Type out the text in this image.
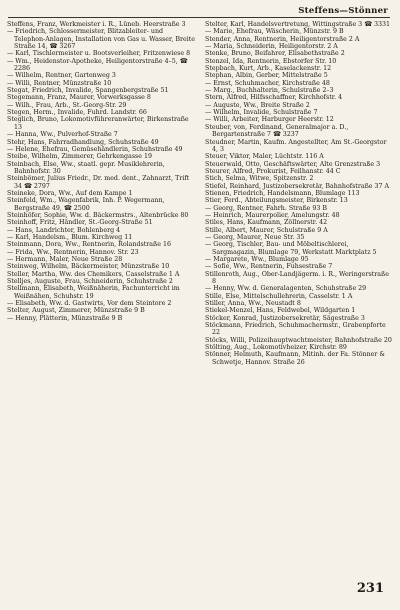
Steffens—Stönner

Steffens, Franz, Werkmeister i. R., Lüneb. Heerstraße 3

— Friedrich, Schlossermeister, Blitzableiter- und Telephon-Anlagen, Installation von Gas u. Wasser, Breite Straße 14, ☎ 3267

— Karl, Tischlermeister u. Bootsverleiher, Fritzenwiese 8

— Wm., Heidenstor-Apotheke, Heiligentorstraße 4–5, ☎ 2286

— Wilhelm, Rentner, Gartenweg 3

— Willi, Rentner, Münzstraße 10

Stegat, Friedrich, Invalide, Spangenbergstraße 51

Stegemann, Franz, Maurer, Vorwerksgasse 8

— Wilh., Frau, Arb., St.-Georg-Str. 29

Stegen, Herm., Invalide, Fuhrd. Landstr. 66

Steglich, Bruno, Lokomotivführeranwärter, Birkenstraße 13

— Hanna, Ww., Pulverhof-Straße 7

Stehr, Hans, Fahrradhandlung, Schuhstraße 49

— Helene, Ehefrau, Gemüsehändlerin, Schuhstraße 49

Steibe, Wilhelm, Zimmerer, Gehrkengasse 19

Steinbach, Else, Ww., staatl. gepr. Musiklehrerin, Bahnhofstr. 30

Steinbömer, Julius Friedr., Dr. med. dent., Zahnarzt, Trift 34 ☎ 2797

Steineke, Dora, Ww., Auf dem Kampe 1

Steinfeld, Wm., Wagenfabrik, Inh. P. Wegermann, Bergstraße 49, ☎ 2500

Steinhöfer, Sophie, Ww. d. Bäckermstrs., Altenbrücke 80

Steinhoff, Fritz, Händler, St.-Georg-Straße 51

— Hans, Landrichter, Bohlenberg 4

— Karl, Handelsm., Blum. Kirchweg 11

Steinmann, Dora, Ww., Rentnerin, Rolandstraße 16

— Frida, Ww., Rentnerin, Hannov. Str. 23

— Hermann, Maler, Neue Straße 28

Steinweg, Wilhelm, Bäckermeister, Münzstraße 10

Steller, Martha, Ww. des Chemikers, Casselstraße 1 A

Stelljes, Auguste, Frau, Schneiderin, Schuhstraße 2

Stellmann, Elisabeth, Weißnäherin, Fachunterricht im Weißnähen, Schuhstr. 19

— Elisabeth, Ww. d. Gastwirts, Vor dem Steintore 2

Stelter, August, Zimmerer, Münzstraße 9 B

— Henny, Plätterin, Münzstraße 9 B

Stelter, Karl, Handelsvertretung, Wittingstraße 3 ☎ 3331

— Marie, Ehefrau, Wäscherin, Münzstr. 9 B

Stender, Anna, Rentnerin, Heiligentorstraße 2 A

— Maria, Schneiderin, Heiligentorstr. 2 A

Stenke, Bruno, Beifahrer, Elisabethstraße 2

Stenzel, Ida, Rentnerin, Ebstorfer Str. 10

Stepbach, Kurt, Arb., Kaselackenstr. 12

Stephan, Albin, Gerber, Mittelstraße 5

— Ernst, Schuhmacher, Kirchstraße 48

— Marg., Buchhalterin, Schulstraße 2–3

Stern, Alfred, Hilfsschaffner, Kirchhofstr. 4

— Auguste, Ww., Breite Straße 2

— Wilhelm, Invalide, Schulstraße 7

— Willi, Arbeiter, Harburger Heerstr. 12

Steuber, von, Ferdinand, Generalmajor a. D., Bergartenstraße 7 ☎ 3237

Steudner, Martin, Kaufm. Angestellter, Am St.-Georgstor 4, 3

Steuer, Viktor, Maler, Lüchtstr. 116 A

Steuerwald, Otto, Geschäftswärter, Alte Grenzstraße 3

Steurer, Alfred, Prokurist, Feilhanstr. 44 C

Stich, Selma, Witwe, Spitzenstr. 2

Stiefel, Reinhard, Justizobersekretär, Bahnhofstraße 37 A

Stienen, Friedrich, Handelsmann, Blumlage 113

Stier, Ferd., Abteilungsmeister, Birkenstr. 13

— Georg, Rentner, Fahrh. Straße 93 B

— Heinrich, Maurerpolier, Amelungstr. 48

Stiles, Hans, Kaufmann, Zöllnerstr. 42

Stille, Albert, Maurer, Schulstraße 9 A

— Georg, Maurer, Neue Str. 35

— Georg, Tischler, Bau- und Möbeltischlerei, Sargmagazin, Blumlage 79, Werkstatt Marktplatz 5

— Margarete, Ww., Blumlage 95

— Sofie, Ww., Rentnerin, Fuhsestraße 7

Stillenroth, Aug., Ober-Landjägerm. i. R., Weringerstraße 8

— Henny, Ww. d. Generalagenten, Schuhstraße 29

Stille, Else, Mittelschullehrerin, Casselstr. 1 A

Stiller, Anna, Ww., Neustadt 8

Stiekel-Menzel, Hans, Feldwebel, Wildgarten 1

Stöcker, Konrad, Justizobersekretär, Sägestraße 3

Stöckmann, Friedrich, Schuhmachermstr., Grabenpforte 22

Stöcks, Willi, Polizeihauptwachtmeister, Bahnhofstraße 20

Stölting, Aug., Lokomotivheizer, Kirchstr. 89

Stönner, Helmuth, Kaufmann, Mitinh. der Fa. Stönner & Schwetje, Hannov. Straße 26

231
